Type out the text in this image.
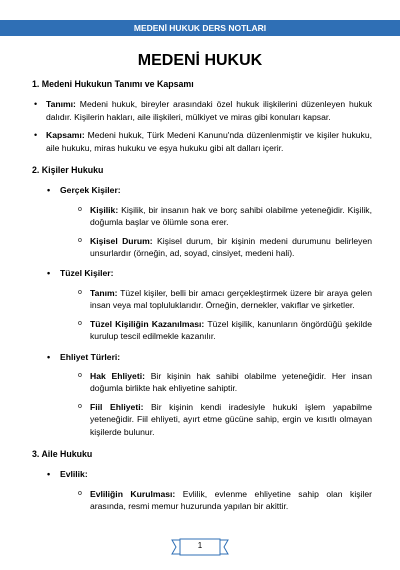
MEDENİ HUKUK DERS NOTLARI
MEDENİ HUKUK
1. Medeni Hukukun Tanımı ve Kapsamı
• Tanımı: Medeni hukuk, bireyler arasındaki özel hukuk ilişkilerini düzenleyen hukuk dalıdır. Kişilerin hakları, aile ilişkileri, mülkiyet ve miras gibi konuları kapsar.
• Kapsamı: Medeni hukuk, Türk Medeni Kanunu'nda düzenlenmiştir ve kişiler hukuku, aile hukuku, miras hukuku ve eşya hukuku gibi alt dalları içerir.
2. Kişiler Hukuku
• Gerçek Kişiler:
o Kişilik: Kişilik, bir insanın hak ve borç sahibi olabilme yeteneğidir. Kişilik, doğumla başlar ve ölümle sona erer.
o Kişisel Durum: Kişisel durum, bir kişinin medeni durumunu belirleyen unsurlardır (örneğin, ad, soyad, cinsiyet, medeni hali).
• Tüzel Kişiler:
o Tanım: Tüzel kişiler, belli bir amacı gerçekleştirmek üzere bir araya gelen insan veya mal topluluklarıdır. Örneğin, dernekler, vakıflar ve şirketler.
o Tüzel Kişiliğin Kazanılması: Tüzel kişilik, kanunların öngördüğü şekilde kurulup tescil edilmekle kazanılır.
• Ehliyet Türleri:
o Hak Ehliyeti: Bir kişinin hak sahibi olabilme yeteneğidir. Her insan doğumla birlikte hak ehliyetine sahiptir.
o Fiil Ehliyeti: Bir kişinin kendi iradesiyle hukuki işlem yapabilme yeteneğidir. Fiil ehliyeti, ayırt etme gücüne sahip, ergin ve kısıtlı olmayan kişilerde bulunur.
3. Aile Hukuku
• Evlilik:
o Evliliğin Kurulması: Evlilik, evlenme ehliyetine sahip olan kişiler arasında, resmi memur huzurunda yapılan bir akittir.
1
